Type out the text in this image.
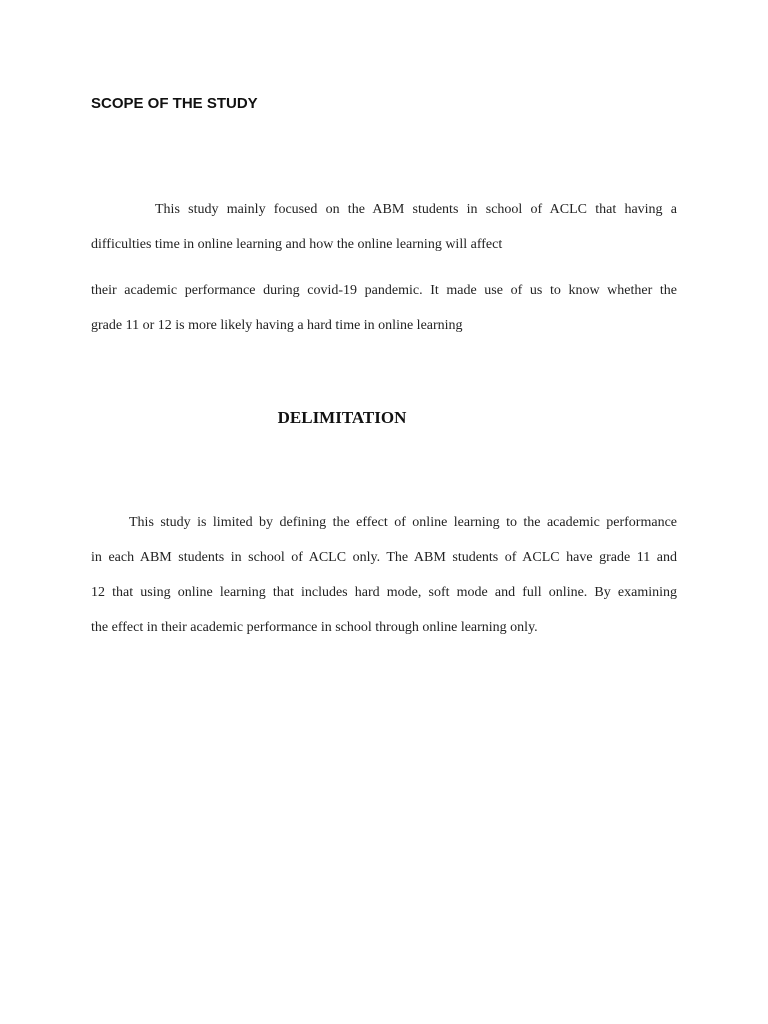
SCOPE OF THE STUDY

This study mainly focused on the ABM students in school of ACLC that having a
difficulties time in online learning and how the online learning will affect

their academic performance during covid-19 pandemic. It made use of us to know whether the
grade 11 or 12 is more likely having a hard time in online learning

DELIMITATION

This study is limited by defining the effect of online learning to the academic performance
in each ABM students in school of ACLC only. The ABM students of ACLC have grade 11 and
12 that using online learning that includes hard mode, soft mode and full online. By examining
the effect in their academic performance in school through online learning only.
